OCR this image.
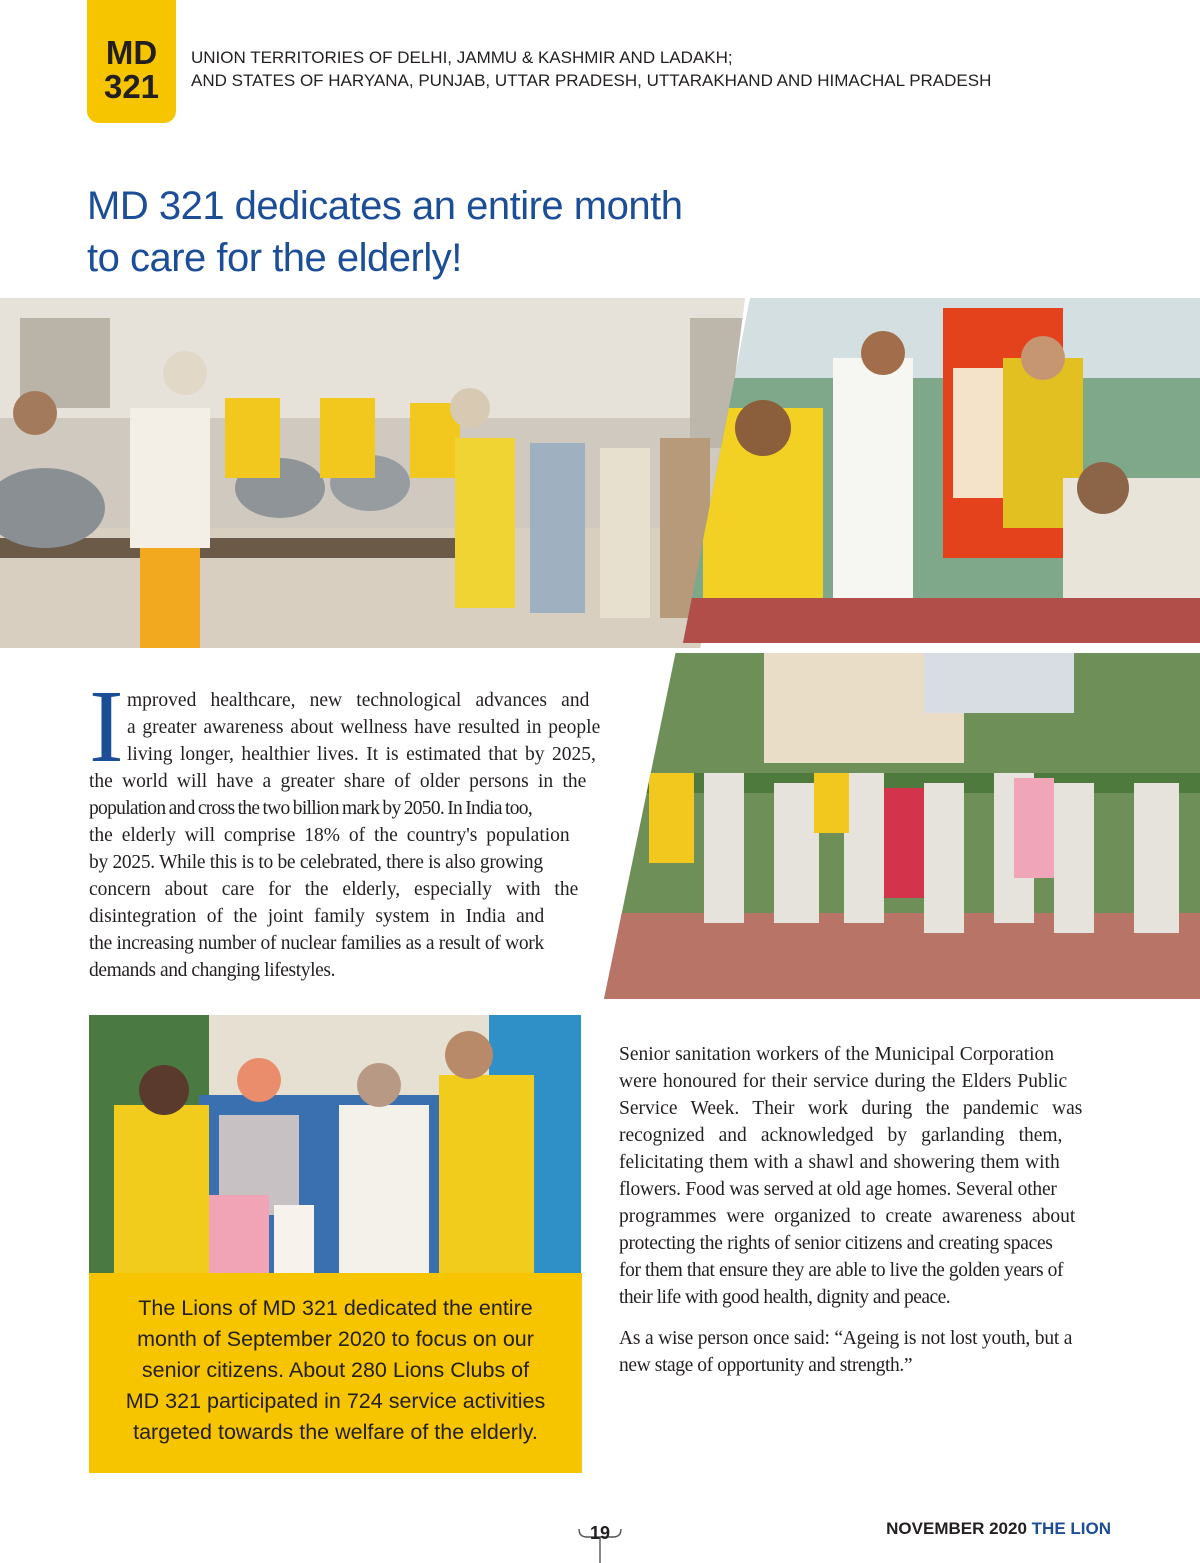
MD
321
UNION TERRITORIES OF DELHI, JAMMU & KASHMIR AND LADAKH;
AND STATES OF HARYANA, PUNJAB, UTTAR PRADESH, UTTARAKHAND AND HIMACHAL PRADESH
MD 321 dedicates an entire month
to care for the elderly!
I mproved healthcare, new technological advances and
a greater awareness about wellness have resulted in people
living longer, healthier lives. It is estimated that by 2025,
the world will have a greater share of older persons in the
population and cross the two billion mark by 2050. In India too,
the elderly will comprise 18% of the country's population
by 2025. While this is to be celebrated, there is also growing
concern about care for the elderly, especially with the
disintegration of the joint family system in India and
the increasing number of nuclear families as a result of work
demands and changing lifestyles.
The Lions of MD 321 dedicated the entire
month of September 2020 to focus on our
senior citizens. About 280 Lions Clubs of
MD 321 participated in 724 service activities
targeted towards the welfare of the elderly.
Senior sanitation workers of the Municipal Corporation
were honoured for their service during the Elders Public
Service Week. Their work during the pandemic was
recognized and acknowledged by garlanding them,
felicitating them with a shawl and showering them with
flowers. Food was served at old age homes. Several other
programmes were organized to create awareness about
protecting the rights of senior citizens and creating spaces
for them that ensure they are able to live the golden years of
their life with good health, dignity and peace.
As a wise person once said: “Ageing is not lost youth, but a
new stage of opportunity and strength.”
19	NOVEMBER 2020 THE LION
